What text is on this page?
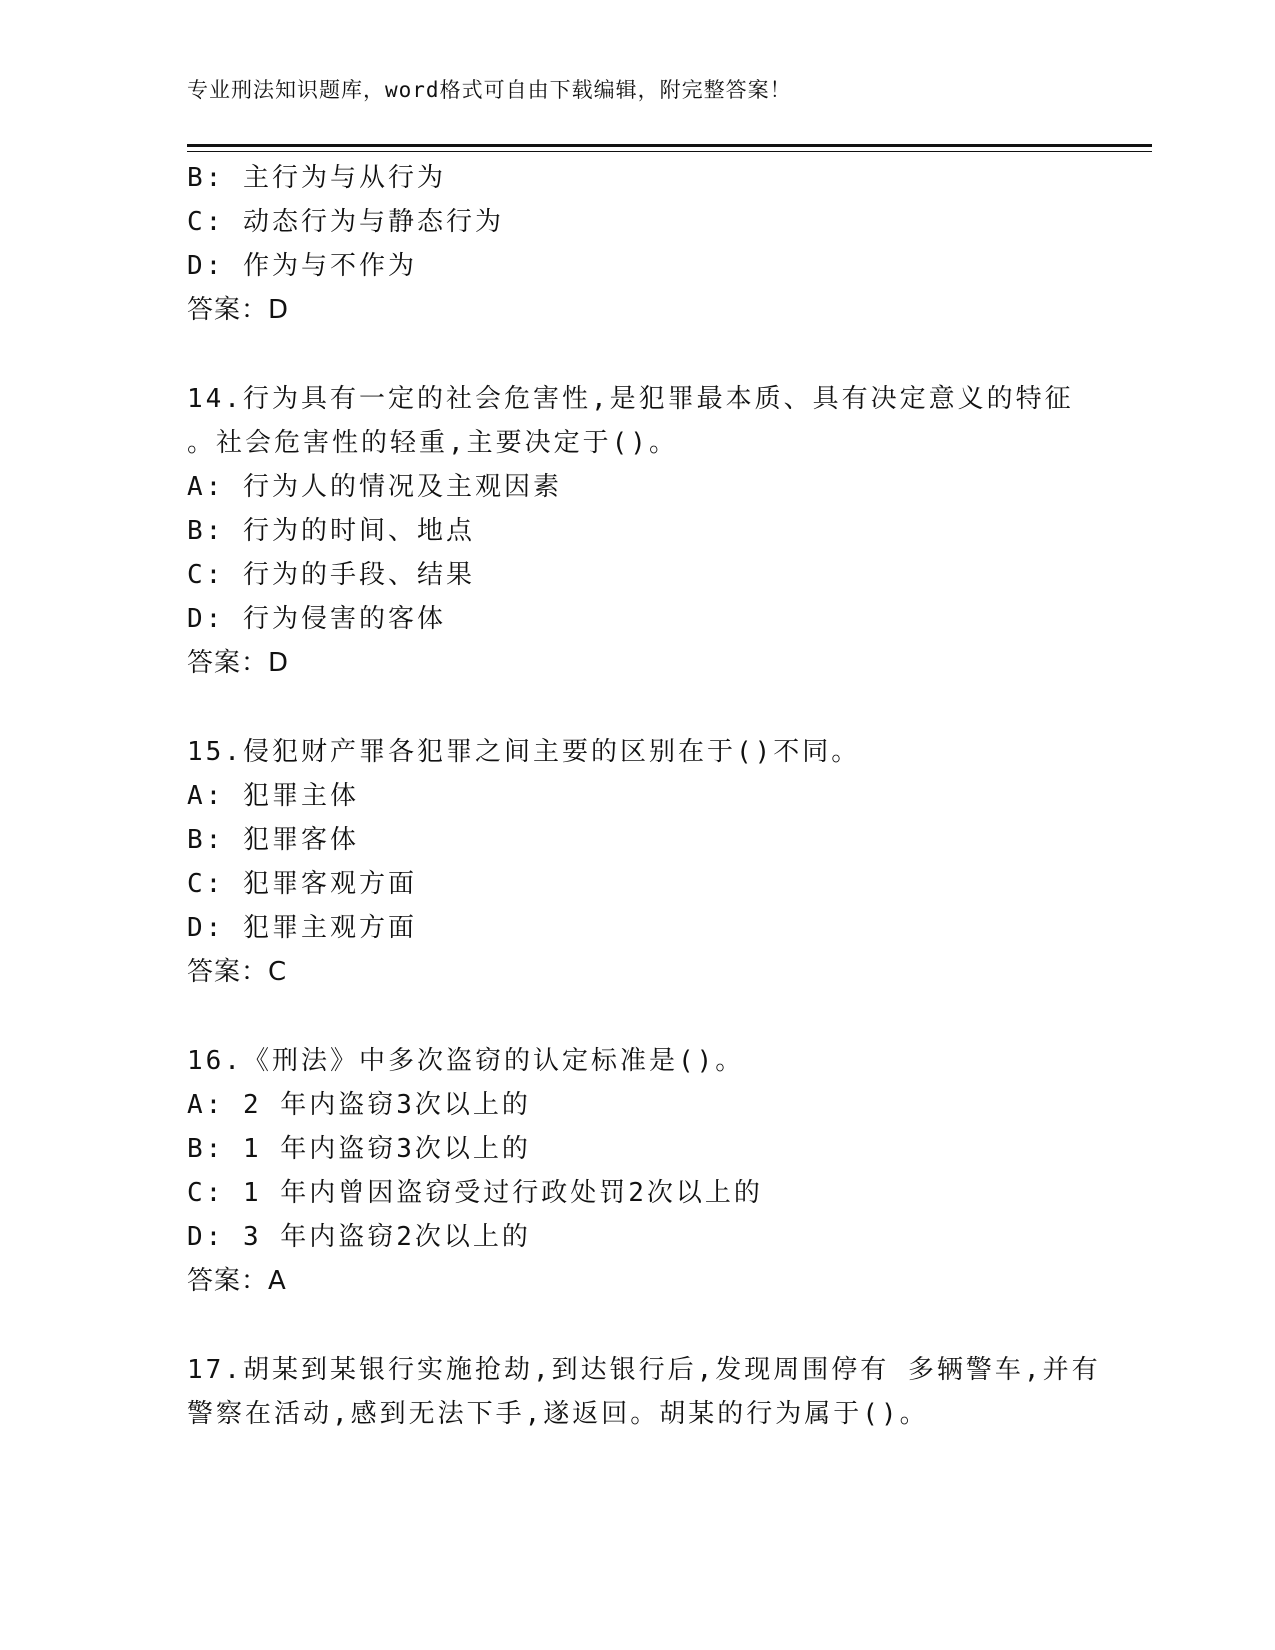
专业刑法知识题库，word格式可自由下载编辑，附完整答案！
B: 主行为与从行为
C: 动态行为与静态行为
D: 作为与不作为
答案：D
14.行为具有一定的社会危害性,是犯罪最本质、具有决定意义的特征
。社会危害性的轻重,主要决定于()。
A: 行为人的情况及主观因素
B: 行为的时间、地点
C: 行为的手段、结果
D: 行为侵害的客体
答案：D
15.侵犯财产罪各犯罪之间主要的区别在于()不同。
A: 犯罪主体
B: 犯罪客体
C: 犯罪客观方面
D: 犯罪主观方面
答案：C
16.《刑法》中多次盗窃的认定标准是()。
A: 2 年内盗窃3次以上的
B: 1 年内盗窃3次以上的
C: 1 年内曾因盗窃受过行政处罚2次以上的
D: 3 年内盗窃2次以上的
答案：A
17.胡某到某银行实施抢劫,到达银行后,发现周围停有 多辆警车,并有
警察在活动,感到无法下手,遂返回。胡某的行为属于()。
